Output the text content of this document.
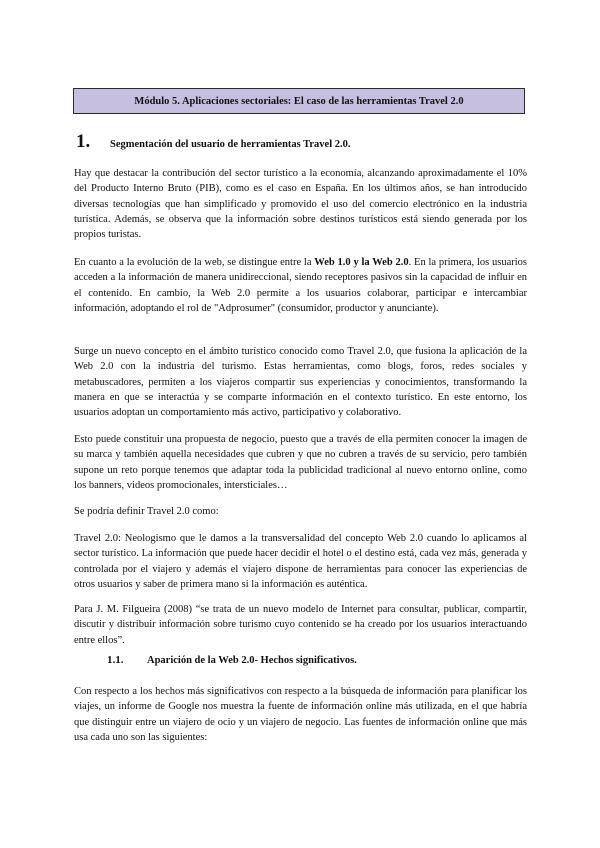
Módulo 5. Aplicaciones sectoriales: El caso de las herramientas Travel 2.0
1.	Segmentación del usuario de herramientas Travel 2.0.

Hay que destacar la contribución del sector turístico a la economía, alcanzando aproximadamente el 10% del Producto Interno Bruto (PIB), como es el caso en España. En los últimos años, se han introducido diversas tecnologías que han simplificado y promovido el uso del comercio electrónico en la industria turística. Además, se observa que la información sobre destinos turísticos está siendo generada por los propios turistas.

En cuanto a la evolución de la web, se distingue entre la Web 1.0 y la Web 2.0. En la primera, los usuarios acceden a la información de manera unidireccional, siendo receptores pasivos sin la capacidad de influir en el contenido. En cambio, la Web 2.0 permite a los usuarios colaborar, participar e intercambiar información, adoptando el rol de "Adprosumer" (consumidor, productor y anunciante).

Surge un nuevo concepto en el ámbito turístico conocido como Travel 2.0, que fusiona la aplicación de la Web 2.0 con la industria del turismo. Estas herramientas, como blogs, foros, redes sociales y metabuscadores, permiten a los viajeros compartir sus experiencias y conocimientos, transformando la manera en que se interactúa y se comparte información en el contexto turístico. En este entorno, los usuarios adoptan un comportamiento más activo, participativo y colaborativo.

Esto puede constituir una propuesta de negocio, puesto que a través de ella permiten conocer la imagen de su marca y también aquella necesidades que cubren y que no cubren a través de su servicio, pero también supone un reto porque tenemos que adaptar toda la publicidad tradicional al nuevo entorno online, como los banners, videos promocionales, intersticiales…

Se podría definir Travel 2.0 como:

Travel 2.0: Neologismo que le damos a la transversalidad del concepto Web 2.0 cuando lo aplicamos al sector turístico. La información que puede hacer decidir el hotel o el destino está, cada vez más, generada y controlada por el viajero y además el viajero dispone de herramientas para conocer las experiencias de otros usuarios y saber de primera mano si la información es auténtica.

Para J. M. Filgueira (2008) “se trata de un nuevo modelo de Internet para consultar, publicar, compartir, discutir y distribuir información sobre turismo cuyo contenido se ha creado por los usuarios interactuando entre ellos”.

1.1.	Aparición de la Web 2.0- Hechos significativos.

Con respecto a los hechos más significativos con respecto a la búsqueda de información para planificar los viajes, un informe de Google nos muestra la fuente de información online más utilizada, en el que habría que distinguir entre un viajero de ocio y un viajero de negocio. Las fuentes de información online que más usa cada uno son las siguientes:
